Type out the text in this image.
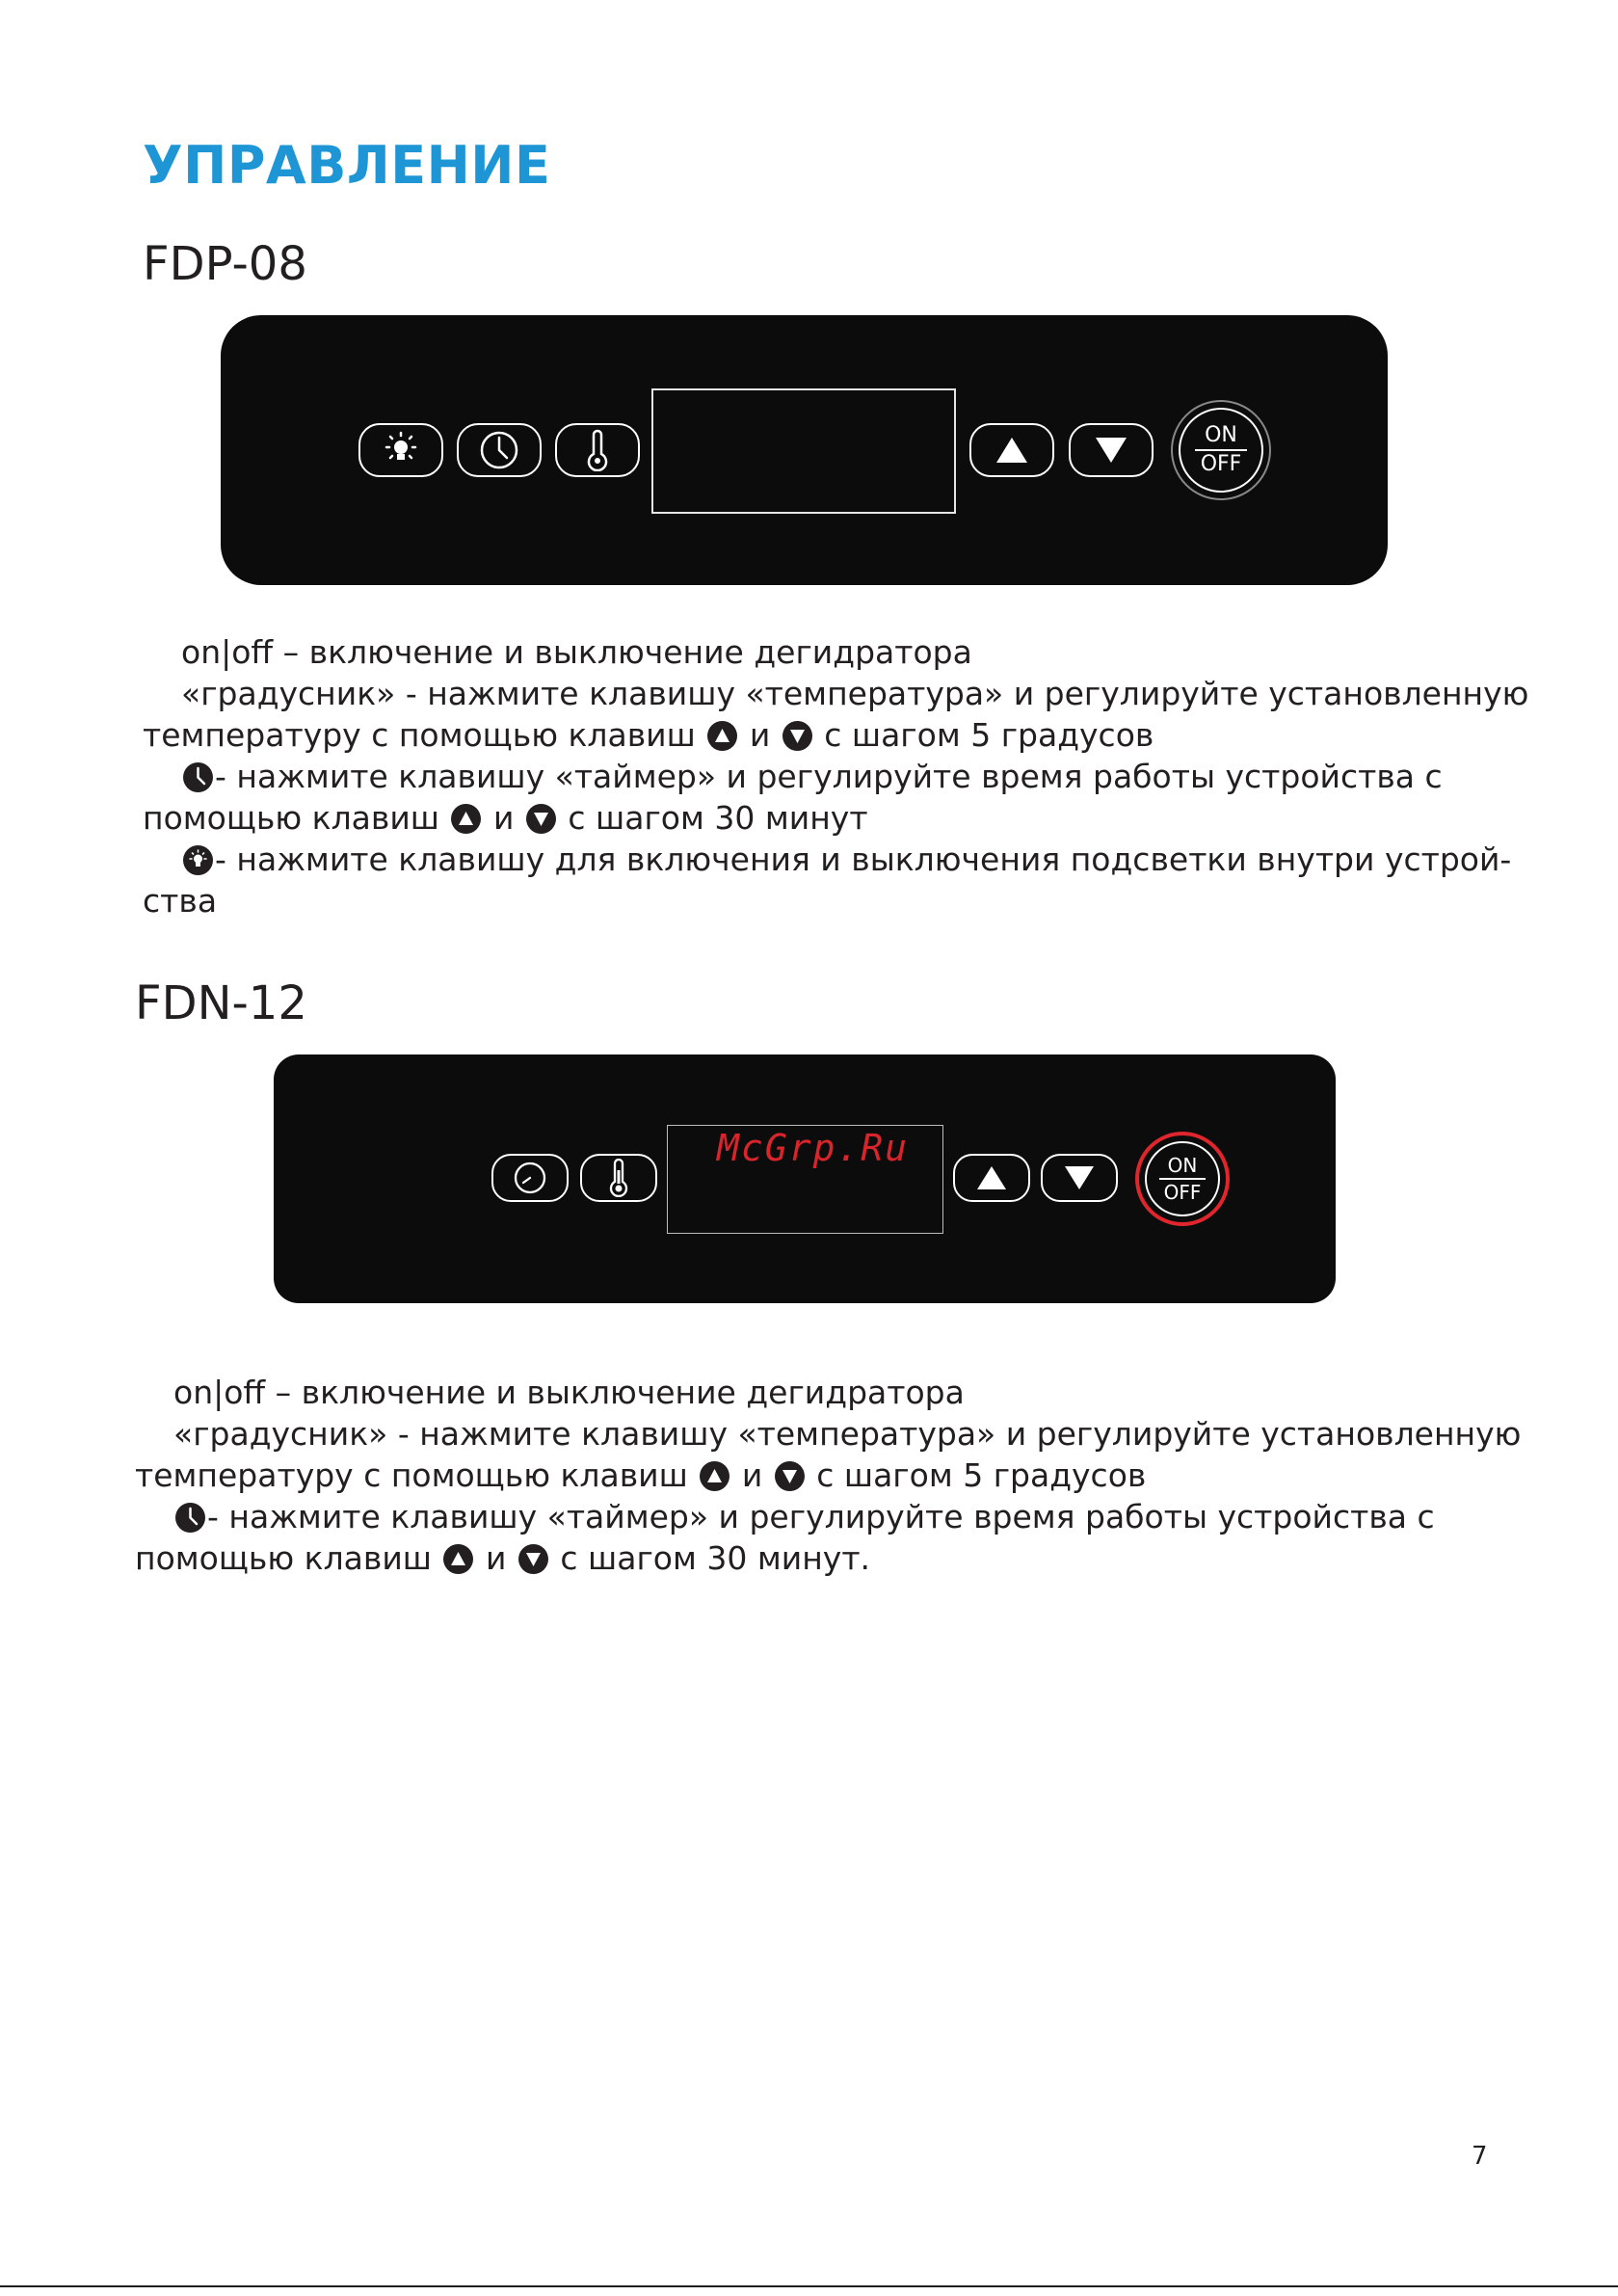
УПРАВЛЕНИЕ
FDP-08
ON
OFF
on|off – включение и выключение дегидратора
«градусник» - нажмите клавишу «температура» и регулируйте установленную
температуру с помощью клавиш
и
с шагом 5 градусов
- нажмите клавишу «таймер» и регулируйте время работы устройства с
помощью клавиш
и
с шагом 30 минут
- нажмите клавишу для включения и выключения подсветки внутри устрой-
ства
FDN-12
McGrp.Ru	ON
OFF
on|off – включение и выключение дегидратора
«градусник» - нажмите клавишу «температура» и регулируйте установленную
температуру с помощью клавиш
и
с шагом 5 градусов
- нажмите клавишу «таймер» и регулируйте время работы устройства с
помощью клавиш
и
с шагом 30 минут.
7
